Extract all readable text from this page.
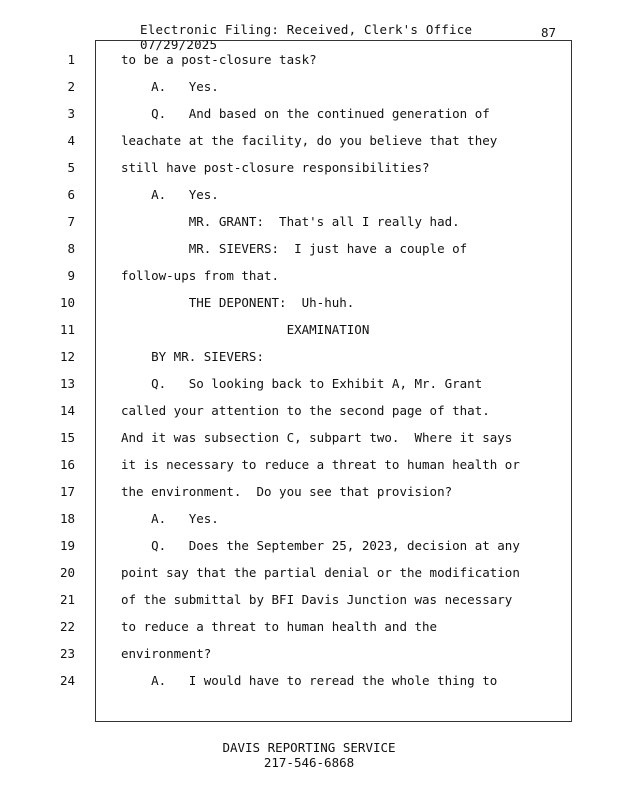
Electronic Filing: Received, Clerk's Office 07/29/2025
87
1	to be a post-closure task?
2	A.   Yes.
3	Q.   And based on the continued generation of
4	leachate at the facility, do you believe that they
5	still have post-closure responsibilities?
6	A.   Yes.
7	MR. GRANT:  That's all I really had.
8	MR. SIEVERS:  I just have a couple of
9	follow-ups from that.
10	THE DEPONENT:  Uh-huh.
11	EXAMINATION
12	BY MR. SIEVERS:
13	Q.   So looking back to Exhibit A, Mr. Grant
14	called your attention to the second page of that.
15	And it was subsection C, subpart two.  Where it says
16	it is necessary to reduce a threat to human health or
17	the environment.  Do you see that provision?
18	A.   Yes.
19	Q.   Does the September 25, 2023, decision at any
20	point say that the partial denial or the modification
21	of the submittal by BFI Davis Junction was necessary
22	to reduce a threat to human health and the
23	environment?
24	A.   I would have to reread the whole thing to
DAVIS REPORTING SERVICE
217-546-6868
